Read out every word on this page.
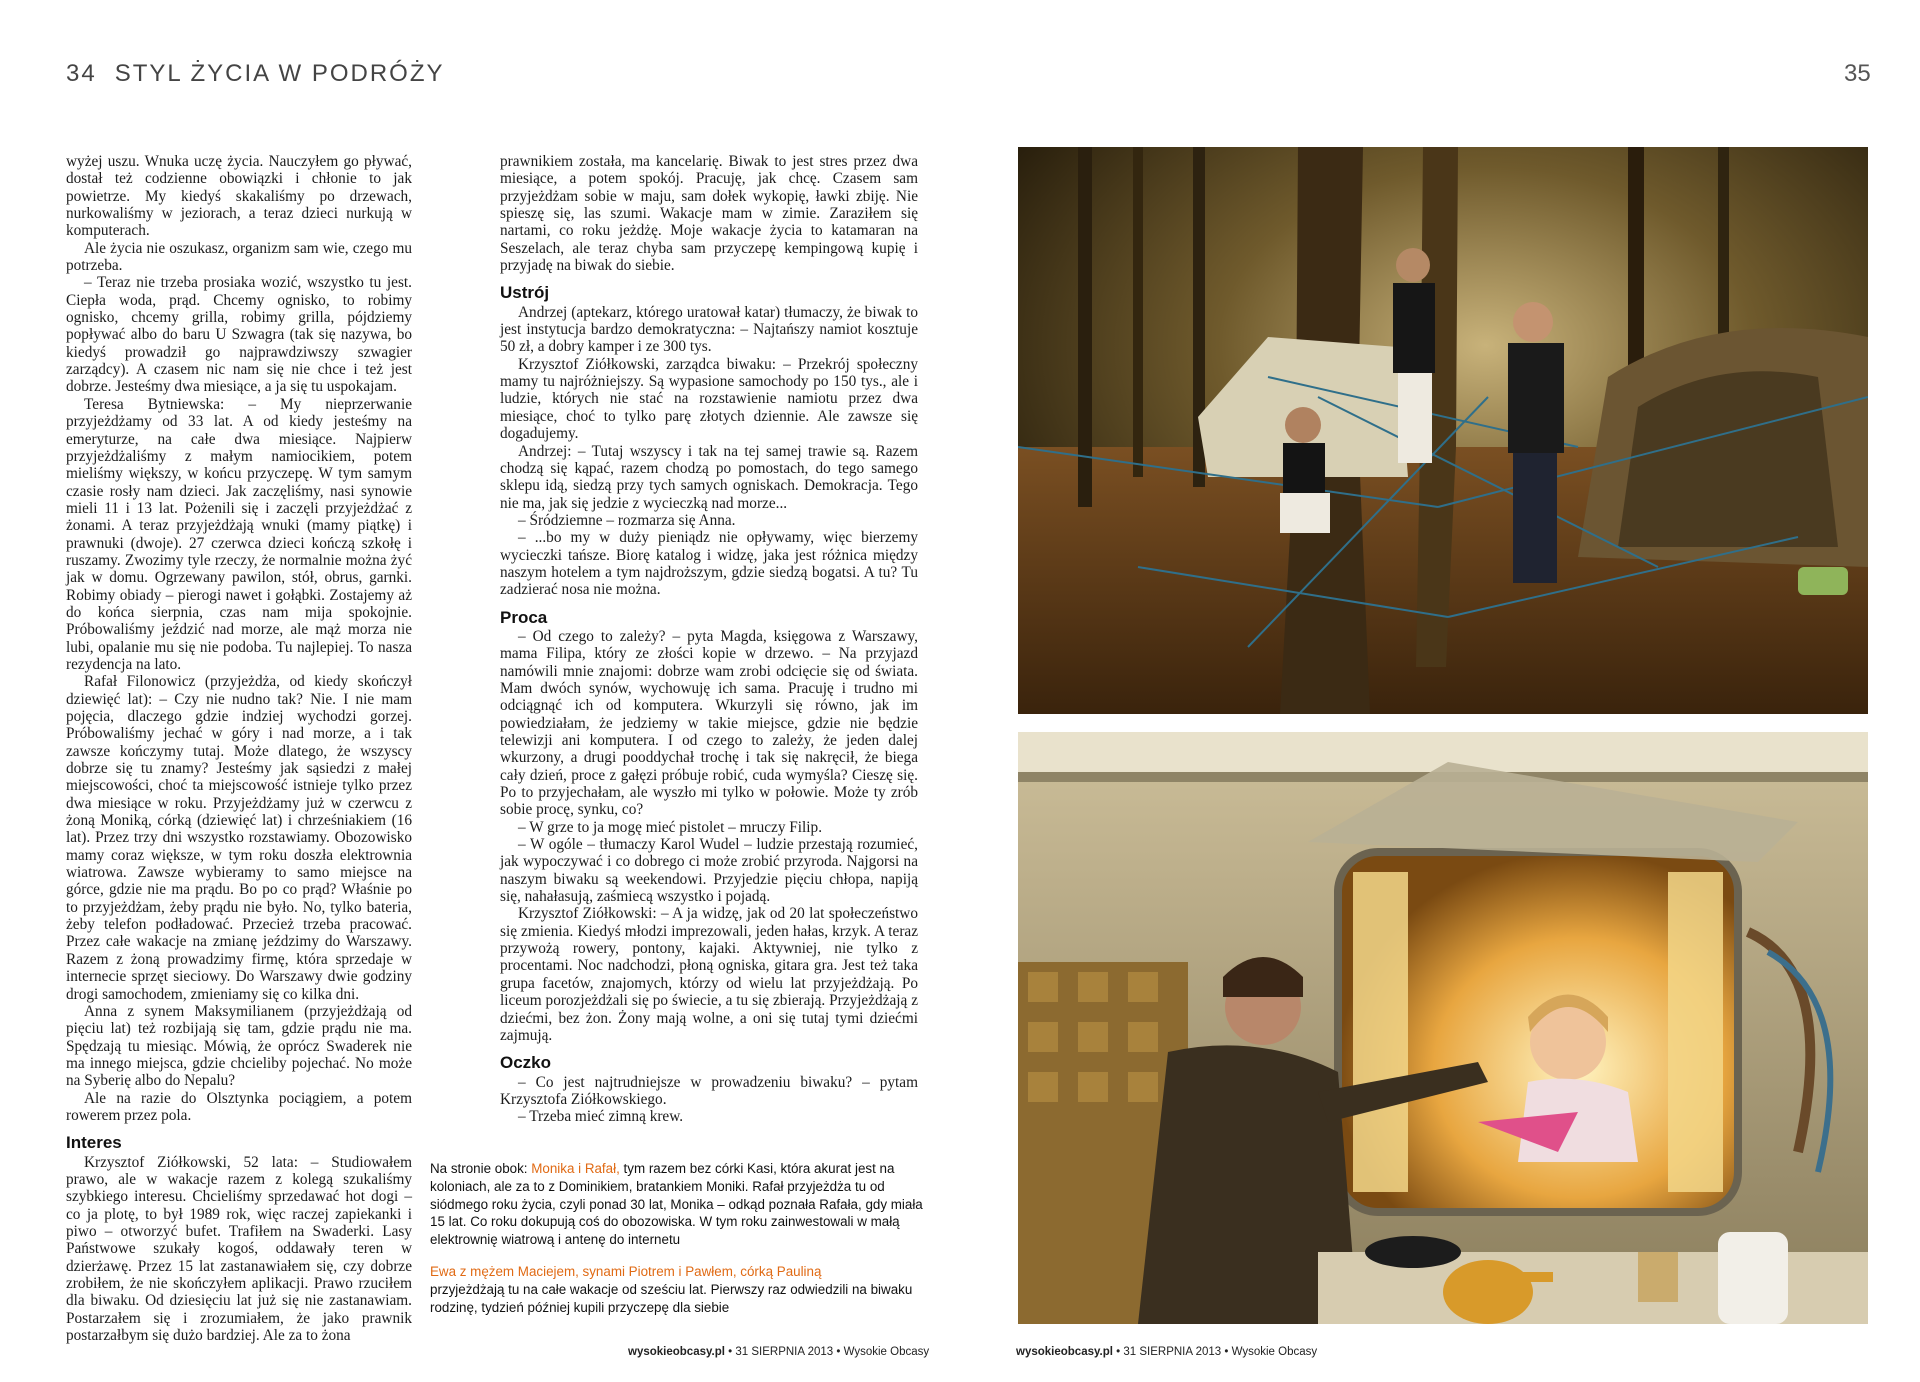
34 STYL ŻYCIA W PODRÓŻY	35

wyżej uszu. Wnuka uczę życia. Nauczyłem go pływać, dostał też codzienne obowiązki i chłonie to jak powietrze. My kiedyś skakaliśmy po drzewach, nurkowaliśmy w jeziorach, a teraz dzieci nurkują w komputerach.

Ale życia nie oszukasz, organizm sam wie, czego mu potrzeba.

– Teraz nie trzeba prosiaka wozić, wszystko tu jest. Ciepła woda, prąd. Chcemy ognisko, to robimy ognisko, chcemy grilla, robimy grilla, pójdziemy popływać albo do baru U Szwagra (tak się nazywa, bo kiedyś prowadził go najprawdziwszy szwagier zarządcy). A czasem nic nam się nie chce i też jest dobrze. Jesteśmy dwa miesiące, a ja się tu uspokajam.

Teresa Bytniewska: – My nieprzerwanie przyjeżdżamy od 33 lat. A od kiedy jesteśmy na emeryturze, na całe dwa miesiące. Najpierw przyjeżdżaliśmy z małym namiocikiem, potem mieliśmy większy, w końcu przyczepę. W tym samym czasie rosły nam dzieci. Jak zaczęliśmy, nasi synowie mieli 11 i 13 lat. Pożenili się i zaczęli przyjeżdżać z żonami. A teraz przyjeżdżają wnuki (mamy piątkę) i prawnuki (dwoje). 27 czerwca dzieci kończą szkołę i ruszamy. Zwozimy tyle rzeczy, że normalnie można żyć jak w domu. Ogrzewany pawilon, stół, obrus, garnki. Robimy obiady – pierogi nawet i gołąbki. Zostajemy aż do końca sierpnia, czas nam mija spokojnie. Próbowaliśmy jeździć nad morze, ale mąż morza nie lubi, opalanie mu się nie podoba. Tu najlepiej. To nasza rezydencja na lato.

Rafał Filonowicz (przyjeżdża, od kiedy skończył dziewięć lat): – Czy nie nudno tak? Nie. I nie mam pojęcia, dlaczego gdzie indziej wychodzi gorzej. Próbowaliśmy jechać w góry i nad morze, a i tak zawsze kończymy tutaj. Może dlatego, że wszyscy dobrze się tu znamy? Jesteśmy jak sąsiedzi z małej miejscowości, choć ta miejscowość istnieje tylko przez dwa miesiące w roku. Przyjeżdżamy już w czerwcu z żoną Moniką, córką (dziewięć lat) i chrześniakiem (16 lat). Przez trzy dni wszystko rozstawiamy. Obozowisko mamy coraz większe, w tym roku doszła elektrownia wiatrowa. Zawsze wybieramy to samo miejsce na górce, gdzie nie ma prądu. Bo po co prąd? Właśnie po to przyjeżdżam, żeby prądu nie było. No, tylko bateria, żeby telefon podładować. Przecież trzeba pracować. Przez całe wakacje na zmianę jeździmy do Warszawy. Razem z żoną prowadzimy firmę, która sprzedaje w internecie sprzęt sieciowy. Do Warszawy dwie godziny drogi samochodem, zmieniamy się co kilka dni.

Anna z synem Maksymilianem (przyjeżdżają od pięciu lat) też rozbijają się tam, gdzie prądu nie ma. Spędzają tu miesiąc. Mówią, że oprócz Swaderek nie ma innego miejsca, gdzie chcieliby pojechać. No może na Syberię albo do Nepalu?

Ale na razie do Olsztynka pociągiem, a potem rowerem przez pola.

Interes

Krzysztof Ziółkowski, 52 lata: – Studiowałem prawo, ale w wakacje razem z kolegą szukaliśmy szybkiego interesu. Chcieliśmy sprzedawać hot dogi – co ja plotę, to był 1989 rok, więc raczej zapiekanki i piwo – otworzyć bufet. Trafiłem na Swaderki. Lasy Państwowe szukały kogoś, oddawały teren w dzierżawę. Przez 15 lat zastanawiałem się, czy dobrze zrobiłem, że nie skończyłem aplikacji. Prawo rzuciłem dla biwaku. Od dziesięciu lat już się nie zastanawiam. Postarzałem się i zrozumiałem, że jako prawnik postarzałbym się dużo bardziej. Ale za to żona

prawnikiem została, ma kancelarię. Biwak to jest stres przez dwa miesiące, a potem spokój. Pracuję, jak chcę. Czasem sam przyjeżdżam sobie w maju, sam dołek wykopię, ławki zbiję. Nie spieszę się, las szumi. Wakacje mam w zimie. Zaraziłem się nartami, co roku jeżdżę. Moje wakacje życia to katamaran na Seszelach, ale teraz chyba sam przyczepę kempingową kupię i przyjadę na biwak do siebie.

Ustrój

Andrzej (aptekarz, którego uratował katar) tłumaczy, że biwak to jest instytucja bardzo demokratyczna: – Najtańszy namiot kosztuje 50 zł, a dobry kamper i ze 300 tys.

Krzysztof Ziółkowski, zarządca biwaku: – Przekrój społeczny mamy tu najróżniejszy. Są wypasione samochody po 150 tys., ale i ludzie, których nie stać na rozstawienie namiotu przez dwa miesiące, choć to tylko parę złotych dziennie. Ale zawsze się dogadujemy.

Andrzej: – Tutaj wszyscy i tak na tej samej trawie są. Razem chodzą się kąpać, razem chodzą po pomostach, do tego samego sklepu idą, siedzą przy tych samych ogniskach. Demokracja. Tego nie ma, jak się jedzie z wycieczką nad morze...

– Śródziemne – rozmarza się Anna.

– ...bo my w duży pieniądz nie opływamy, więc bierzemy wycieczki tańsze. Biorę katalog i widzę, jaka jest różnica między naszym hotelem a tym najdroższym, gdzie siedzą bogatsi. A tu? Tu zadzierać nosa nie można.

Proca

– Od czego to zależy? – pyta Magda, księgowa z Warszawy, mama Filipa, który ze złości kopie w drzewo. – Na przyjazd namówili mnie znajomi: dobrze wam zrobi odcięcie się od świata. Mam dwóch synów, wychowuję ich sama. Pracuję i trudno mi odciągnąć ich od komputera. Wkurzyli się równo, jak im powiedziałam, że jedziemy w takie miejsce, gdzie nie będzie telewizji ani komputera. I od czego to zależy, że jeden dalej wkurzony, a drugi pooddychał trochę i tak się nakręcił, że biega cały dzień, proce z gałęzi próbuje robić, cuda wymyśla? Cieszę się. Po to przyjechałam, ale wyszło mi tylko w połowie. Może ty zrób sobie procę, synku, co?

– W grze to ja mogę mieć pistolet – mruczy Filip.

– W ogóle – tłumaczy Karol Wudel – ludzie przestają rozumieć, jak wypoczywać i co dobrego ci może zrobić przyroda. Najgorsi na naszym biwaku są weekendowi. Przyjedzie pięciu chłopa, napiją się, nahałasują, zaśmiecą wszystko i pojadą.

Krzysztof Ziółkowski: – A ja widzę, jak od 20 lat społeczeństwo się zmienia. Kiedyś młodzi imprezowali, jeden hałas, krzyk. A teraz przywożą rowery, pontony, kajaki. Aktywniej, nie tylko z procentami. Noc nadchodzi, płoną ogniska, gitara gra. Jest też taka grupa facetów, znajomych, którzy od wielu lat przyjeżdżają. Po liceum porozjeżdżali się po świecie, a tu się zbierają. Przyjeżdżają z dziećmi, bez żon. Żony mają wolne, a oni się tutaj tymi dziećmi zajmują.

Oczko

– Co jest najtrudniejsze w prowadzeniu biwaku? – pytam Krzysztofa Ziółkowskiego.

– Trzeba mieć zimną krew.

Na stronie obok: Monika i Rafał, tym razem bez córki Kasi, która akurat jest na koloniach, ale za to z Dominikiem, bratankiem Moniki. Rafał przyjeżdża tu od siódmego roku życia, czyli ponad 30 lat, Monika – odkąd poznała Rafała, gdy miała 15 lat. Co roku dokupują coś do obozowiska. W tym roku zainwestowali w małą elektrownię wiatrową i antenę do internetu

Ewa z mężem Maciejem, synami Piotrem i Pawłem, córką Pauliną
przyjeżdżają tu na całe wakacje od sześciu lat. Pierwszy raz odwiedzili na biwaku rodzinę, tydzień później kupili przyczepę dla siebie

wysokieobcasy.pl • 31 SIERPNIA 2013 • Wysokie Obcasy	wysokieobcasy.pl • 31 SIERPNIA 2013 • Wysokie Obcasy
